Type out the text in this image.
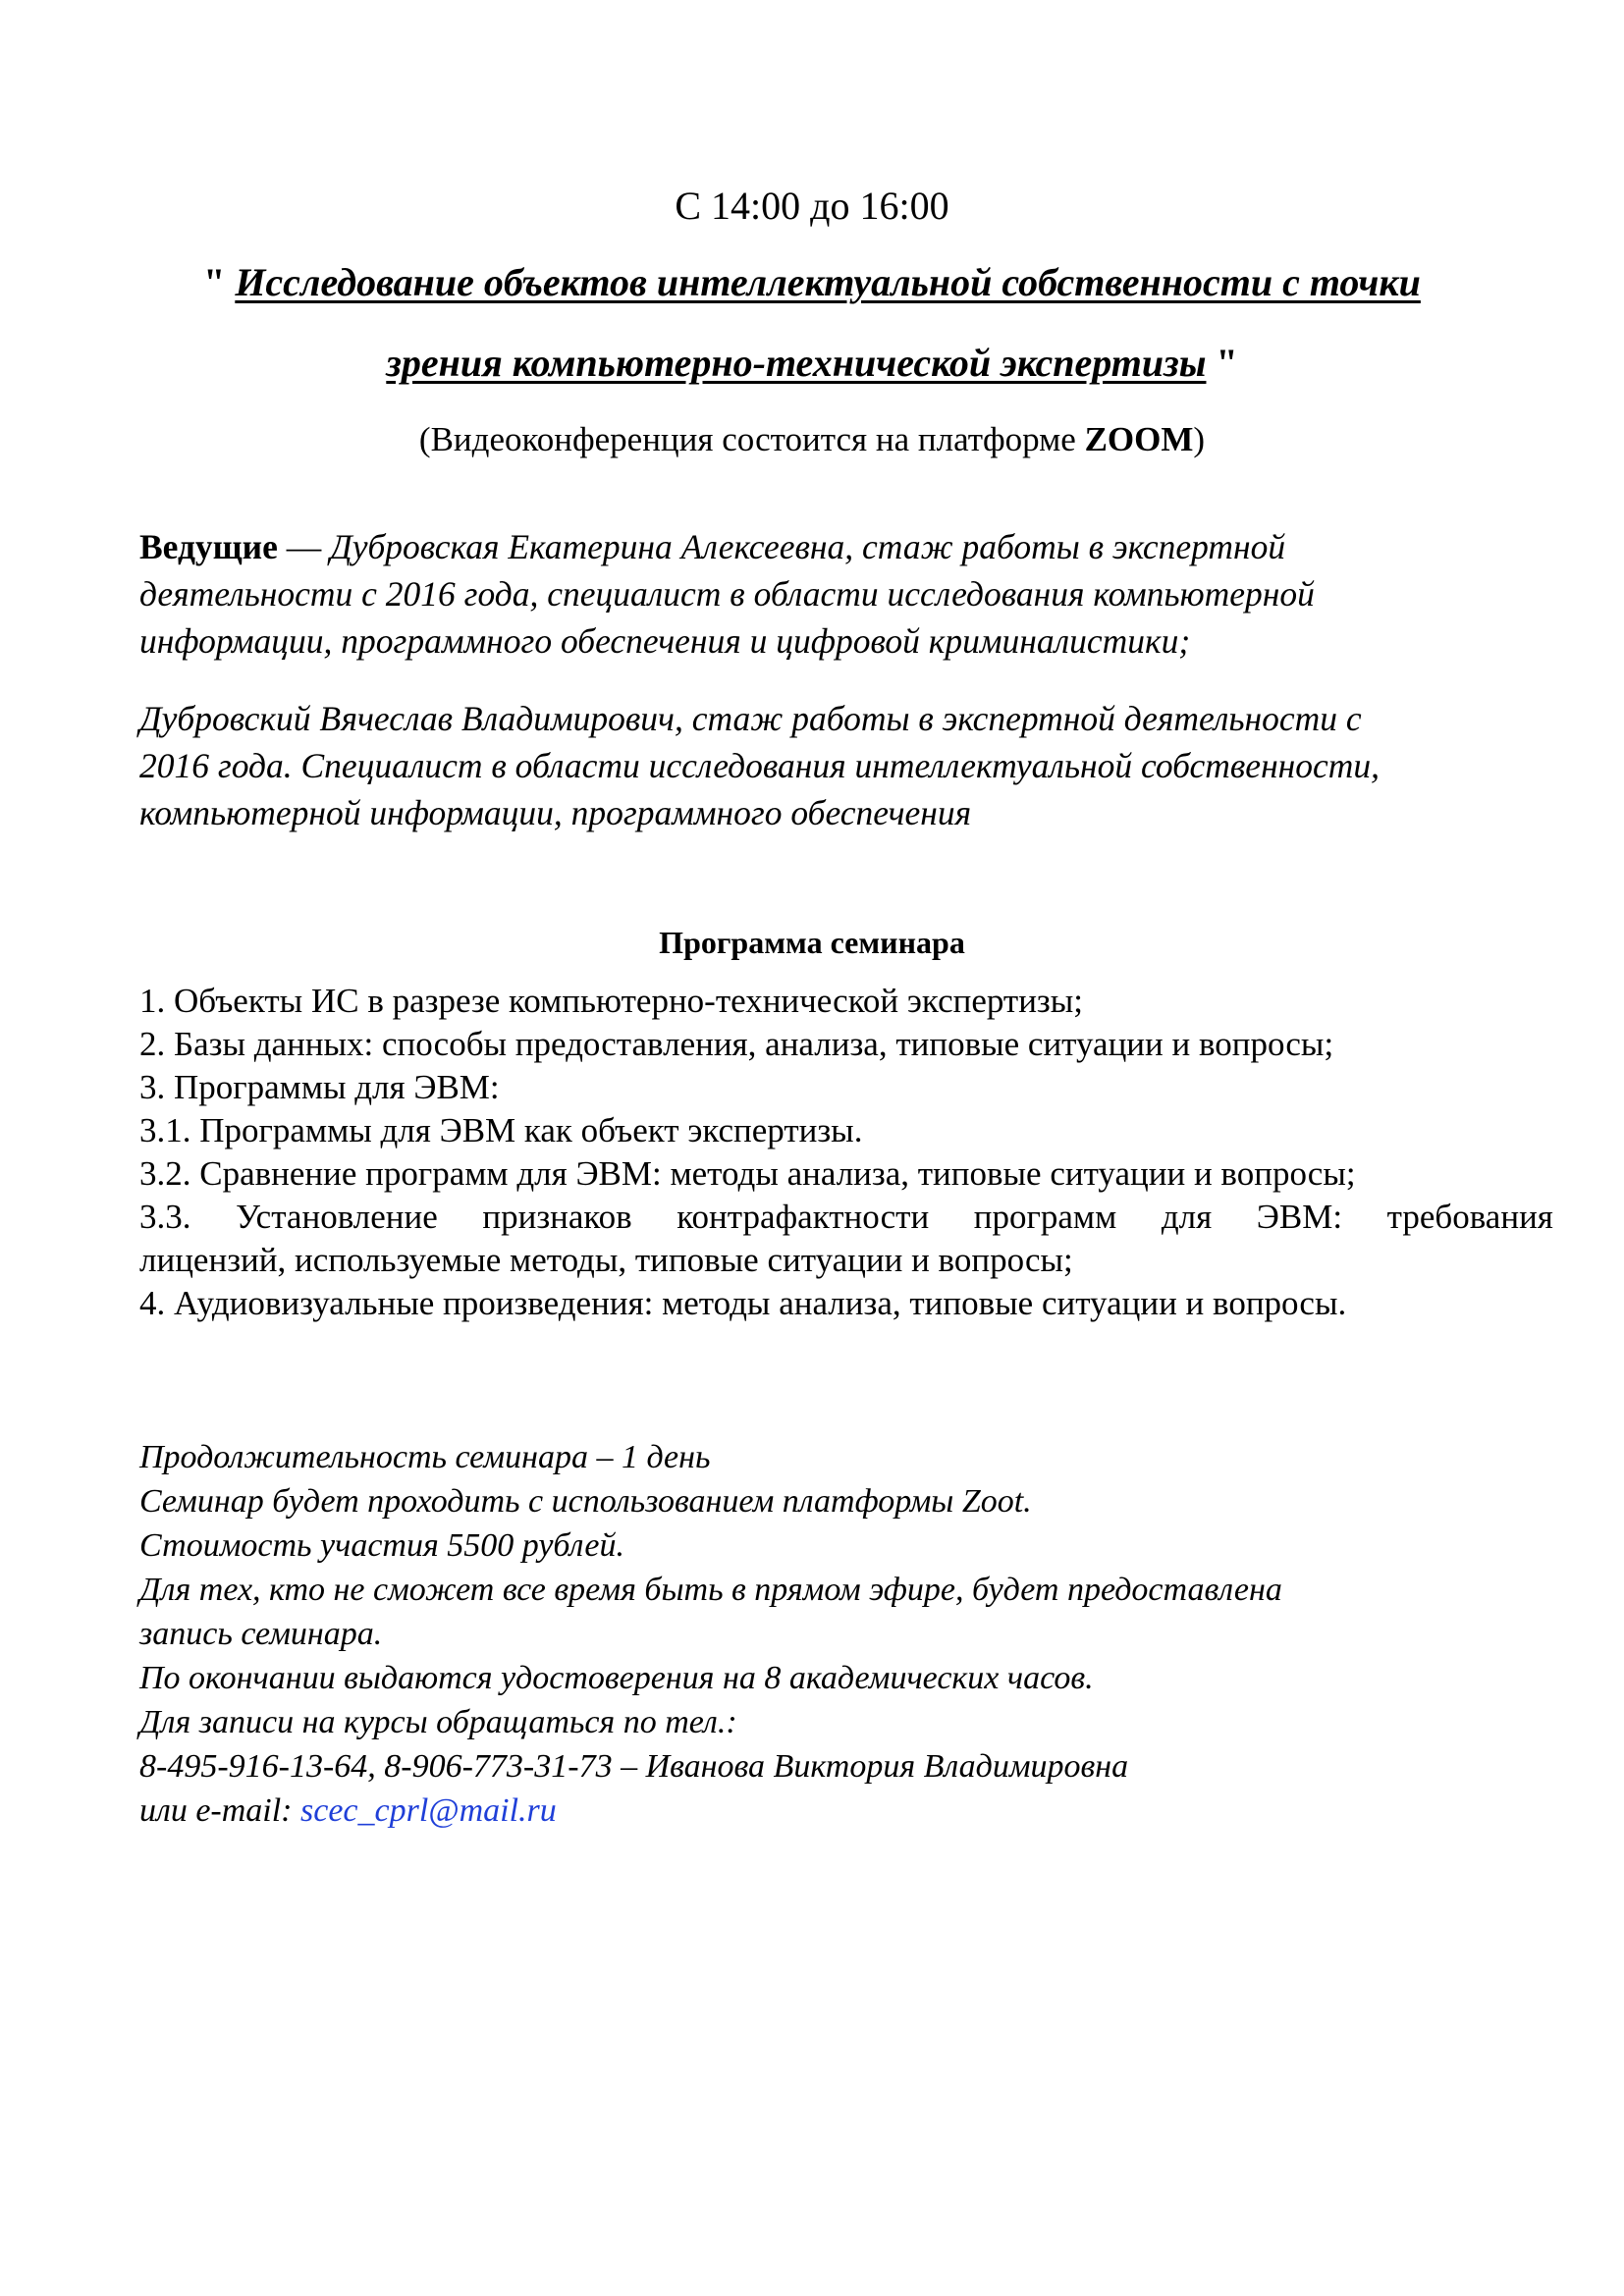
С 14:00 до 16:00
" Исследование объектов интеллектуальной собственности с точки
зрения компьютерно-технической экспертизы "
(Видеоконференция состоится на платформе ZOOM)
Ведущие — Дубровская Екатерина Алексеевна, стаж работы в экспертной
деятельности с 2016 года, специалист в области исследования компьютерной
информации, программного обеспечения и цифровой криминалистики;
Дубровский Вячеслав Владимирович, стаж работы в экспертной деятельности с
2016 года. Специалист в области исследования интеллектуальной собственности,
компьютерной информации, программного обеспечения
Программа семинара
1. Объекты ИС в разрезе компьютерно-технической экспертизы;
2. Базы данных: способы предоставления, анализа, типовые ситуации и вопросы;
3. Программы для ЭВМ:
3.1. Программы для ЭВМ как объект экспертизы.
3.2. Сравнение программ для ЭВМ: методы анализа, типовые ситуации и вопросы;
3.3. Установление признаков контрафактности программ для ЭВМ: требования
лицензий, используемые методы, типовые ситуации и вопросы;
4. Аудиовизуальные произведения: методы анализа, типовые ситуации и вопросы.
Продолжительность семинара – 1 день
Семинар будет проходить с использованием платформы Zoot.
Стоимость участия 5500 рублей.
Для тех, кто не сможет все время быть в прямом эфире, будет предоставлена
запись семинара.
По окончании выдаются удостоверения на 8 академических часов.
Для записи на курсы обращаться по тел.:
8-495-916-13-64, 8-906-773-31-73 – Иванова Виктория Владимировна
или e-mail: scec_cprl@mail.ru
